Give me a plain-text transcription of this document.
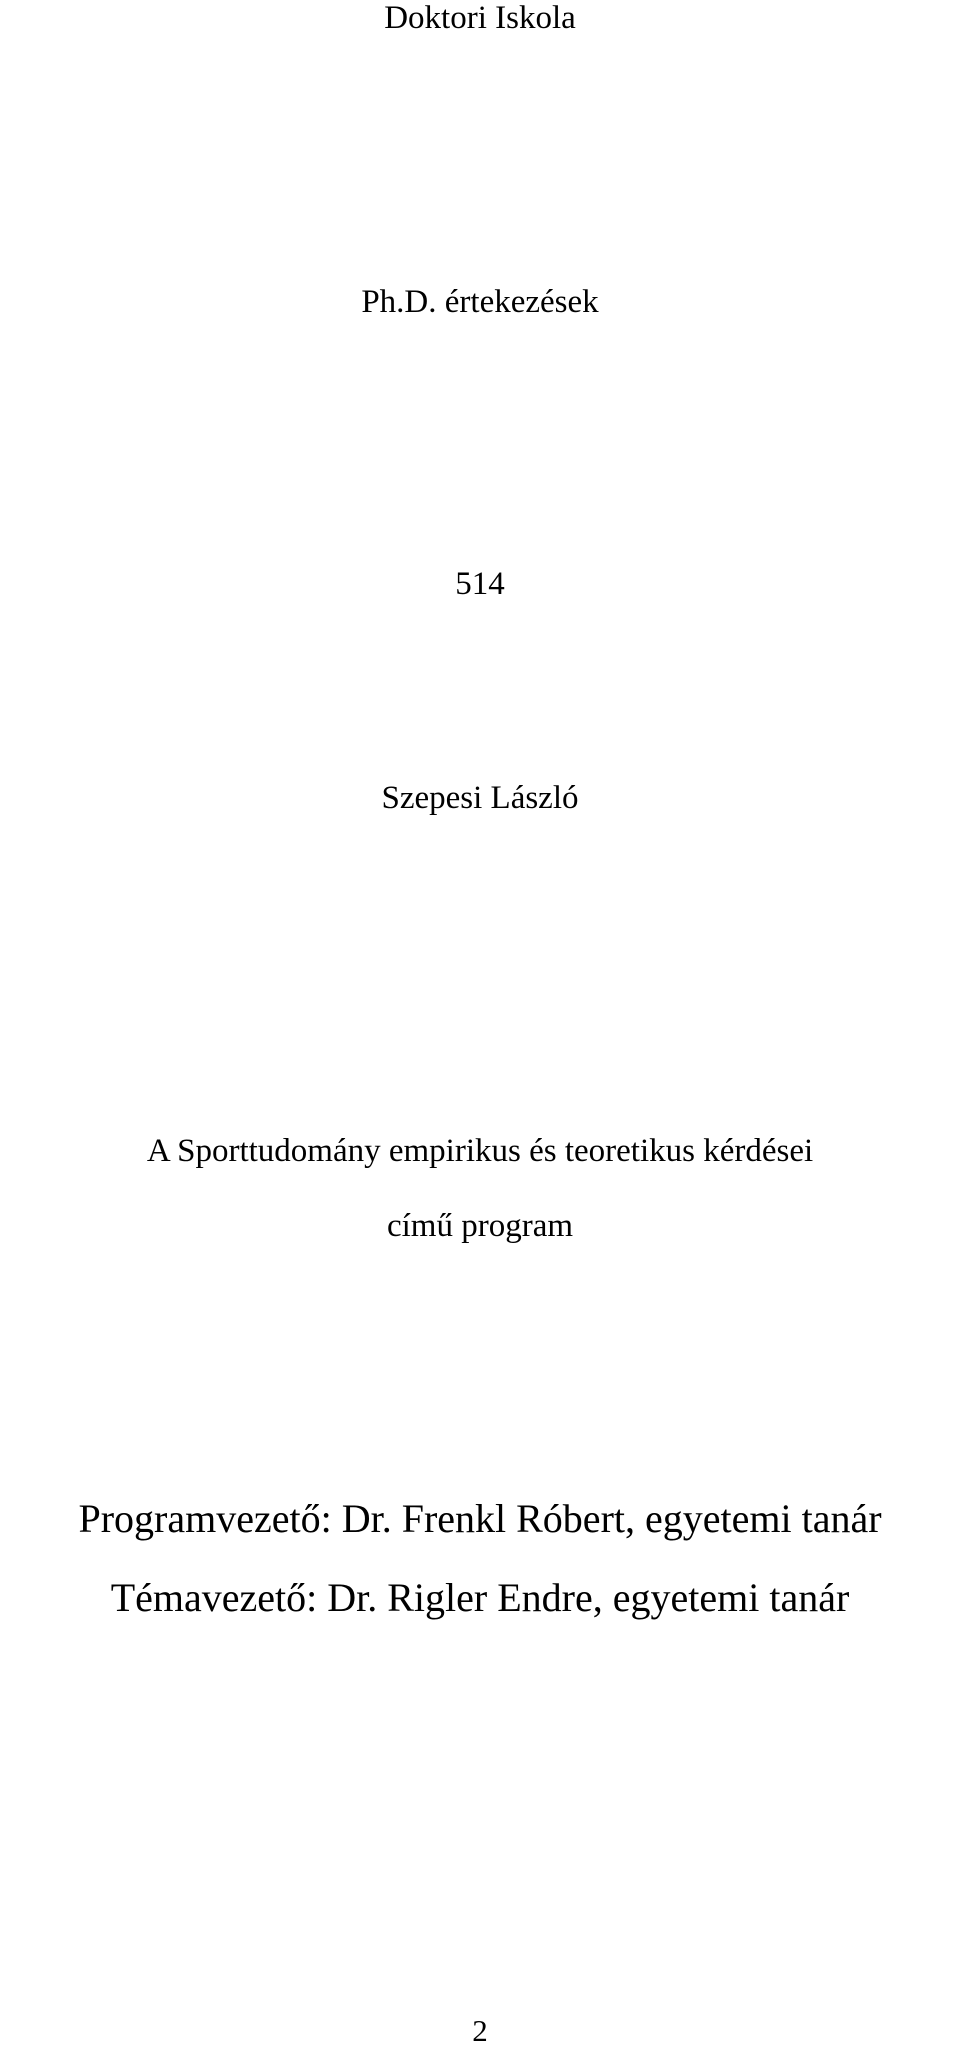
Doktori Iskola
Ph.D. értekezések
514
Szepesi László
A Sporttudomány empirikus és teoretikus kérdései
című program
Programvezető: Dr. Frenkl Róbert, egyetemi tanár
Témavezető: Dr. Rigler Endre, egyetemi tanár
2
